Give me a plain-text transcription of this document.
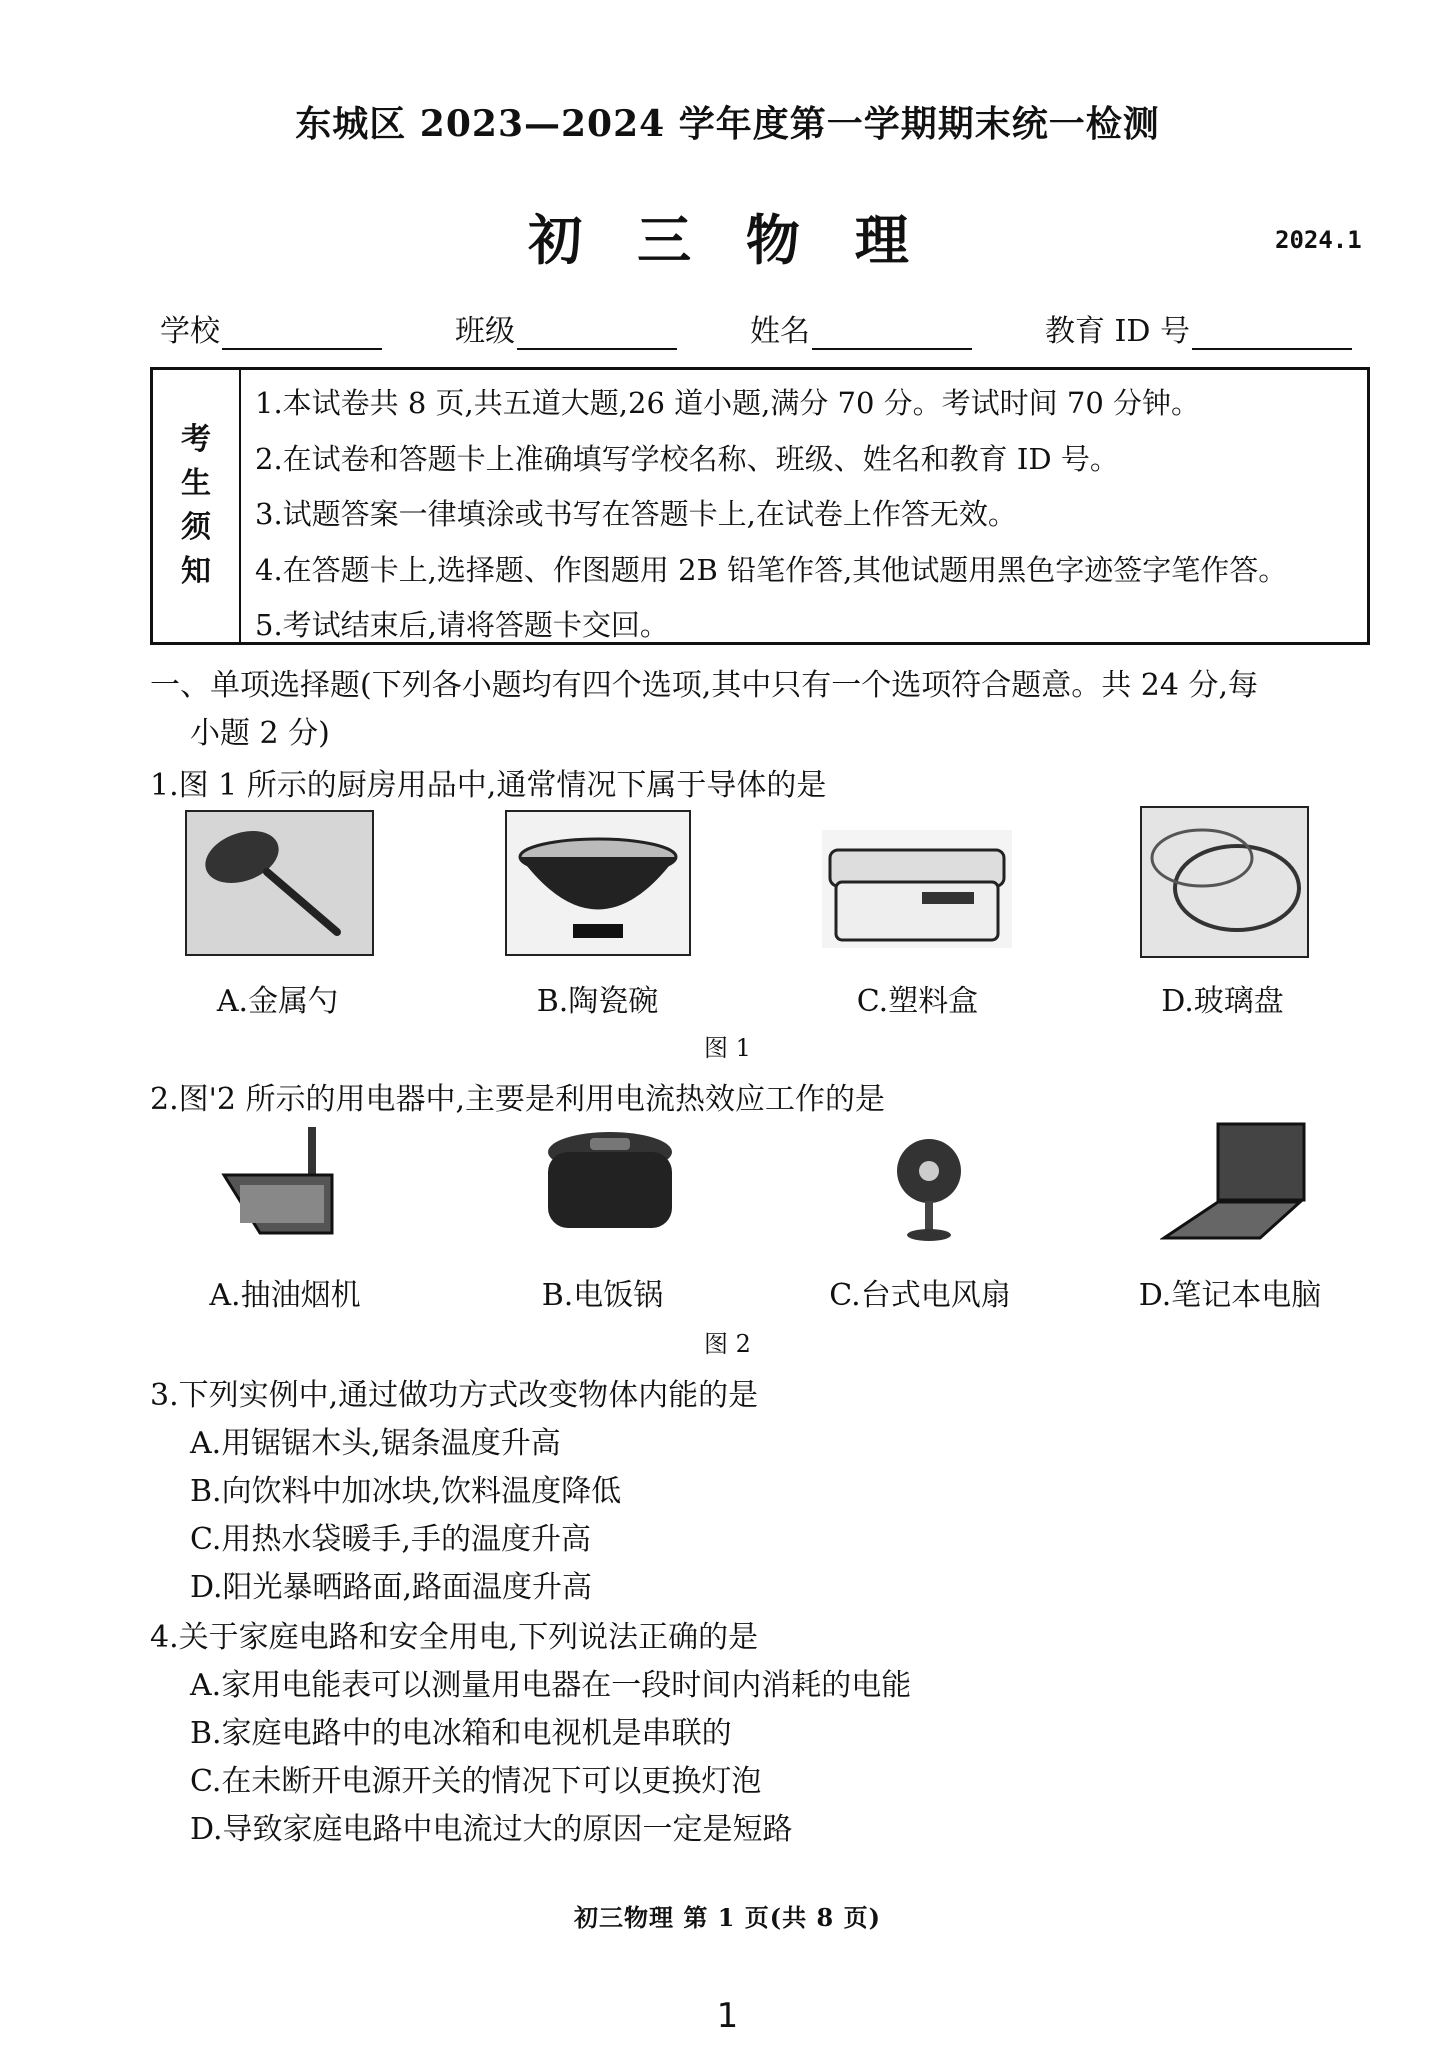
东城区 2023—2024 学年度第一学期期末统一检测
初 三 物 理	2024.1
学校	班级	姓名	教育 ID 号
考
生
须
知
1.本试卷共 8 页,共五道大题,26 道小题,满分 70 分。考试时间 70 分钟。
2.在试卷和答题卡上准确填写学校名称、班级、姓名和教育 ID 号。
3.试题答案一律填涂或书写在答题卡上,在试卷上作答无效。
4.在答题卡上,选择题、作图题用 2B 铅笔作答,其他试题用黑色字迹签字笔作答。
5.考试结束后,请将答题卡交回。
一、单项选择题(下列各小题均有四个选项,其中只有一个选项符合题意。共 24 分,每
小题 2 分)
1.图 1 所示的厨房用品中,通常情况下属于导体的是
A.金属勺	B.陶瓷碗	C.塑料盒	D.玻璃盘
图 1
2.图'2 所示的用电器中,主要是利用电流热效应工作的是
A.抽油烟机	B.电饭锅	C.台式电风扇	D.笔记本电脑
图 2
3.下列实例中,通过做功方式改变物体内能的是
A.用锯锯木头,锯条温度升高
B.向饮料中加冰块,饮料温度降低
C.用热水袋暖手,手的温度升高
D.阳光暴晒路面,路面温度升高
4.关于家庭电路和安全用电,下列说法正确的是
A.家用电能表可以测量用电器在一段时间内消耗的电能
B.家庭电路中的电冰箱和电视机是串联的
C.在未断开电源开关的情况下可以更换灯泡
D.导致家庭电路中电流过大的原因一定是短路
初三物理 第 1 页(共 8 页)
1
